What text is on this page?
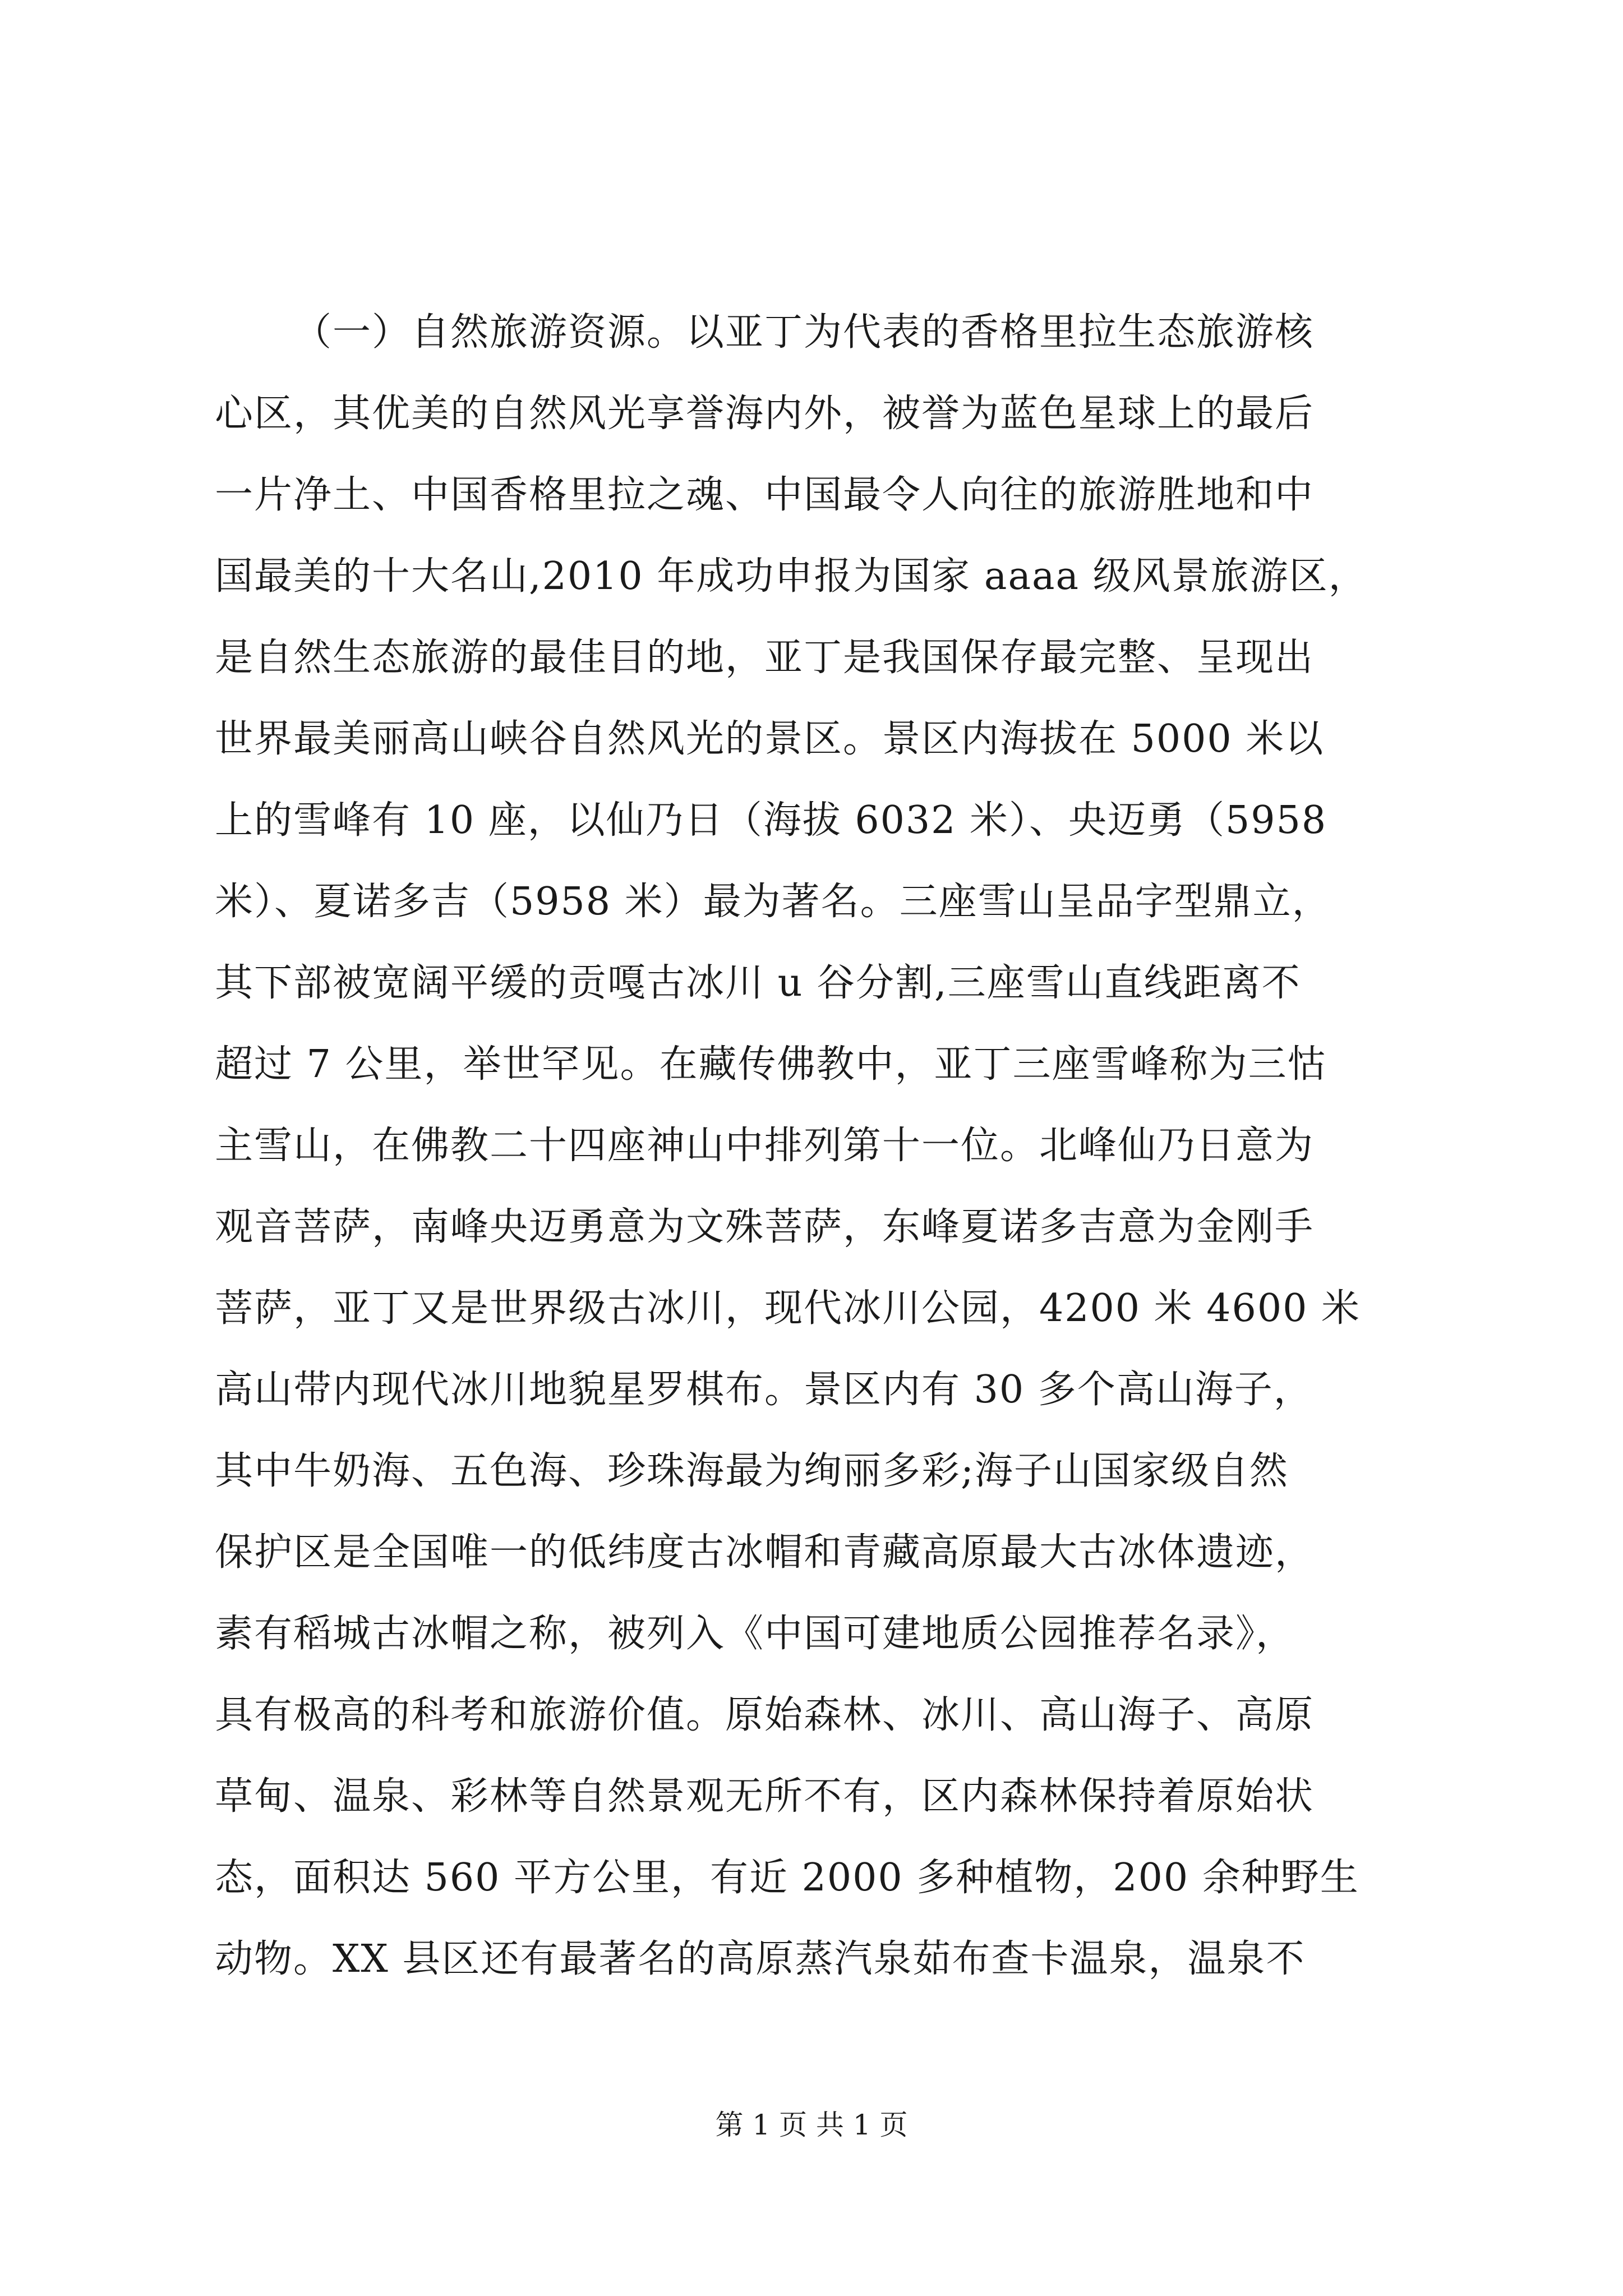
（一）自然旅游资源。以亚丁为代表的香格里拉生态旅游核
心区，其优美的自然风光享誉海内外，被誉为蓝色星球上的最后
一片净土、中国香格里拉之魂、中国最令人向往的旅游胜地和中
国最美的十大名山,2010 年成功申报为国家 aaaa 级风景旅游区，
是自然生态旅游的最佳目的地，亚丁是我国保存最完整、呈现出
世界最美丽高山峡谷自然风光的景区。景区内海拔在 5000 米以
上的雪峰有 10 座，以仙乃日（海拔 6032 米）、央迈勇（5958
米）、夏诺多吉（5958 米）最为著名。三座雪山呈品字型鼎立，
其下部被宽阔平缓的贡嘎古冰川 u 谷分割,三座雪山直线距离不
超过 7 公里，举世罕见。在藏传佛教中，亚丁三座雪峰称为三怙
主雪山，在佛教二十四座神山中排列第十一位。北峰仙乃日意为
观音菩萨，南峰央迈勇意为文殊菩萨，东峰夏诺多吉意为金刚手
菩萨，亚丁又是世界级古冰川，现代冰川公园，4200 米 4600 米
高山带内现代冰川地貌星罗棋布。景区内有 30 多个高山海子，
其中牛奶海、五色海、珍珠海最为绚丽多彩;海子山国家级自然
保护区是全国唯一的低纬度古冰帽和青藏高原最大古冰体遗迹，
素有稻城古冰帽之称，被列入《中国可建地质公园推荐名录》，
具有极高的科考和旅游价值。原始森林、冰川、高山海子、高原
草甸、温泉、彩林等自然景观无所不有，区内森林保持着原始状
态，面积达 560 平方公里，有近 2000 多种植物，200 余种野生
动物。XX 县区还有最著名的高原蒸汽泉茹布查卡温泉，温泉不
第 1 页 共 1 页
